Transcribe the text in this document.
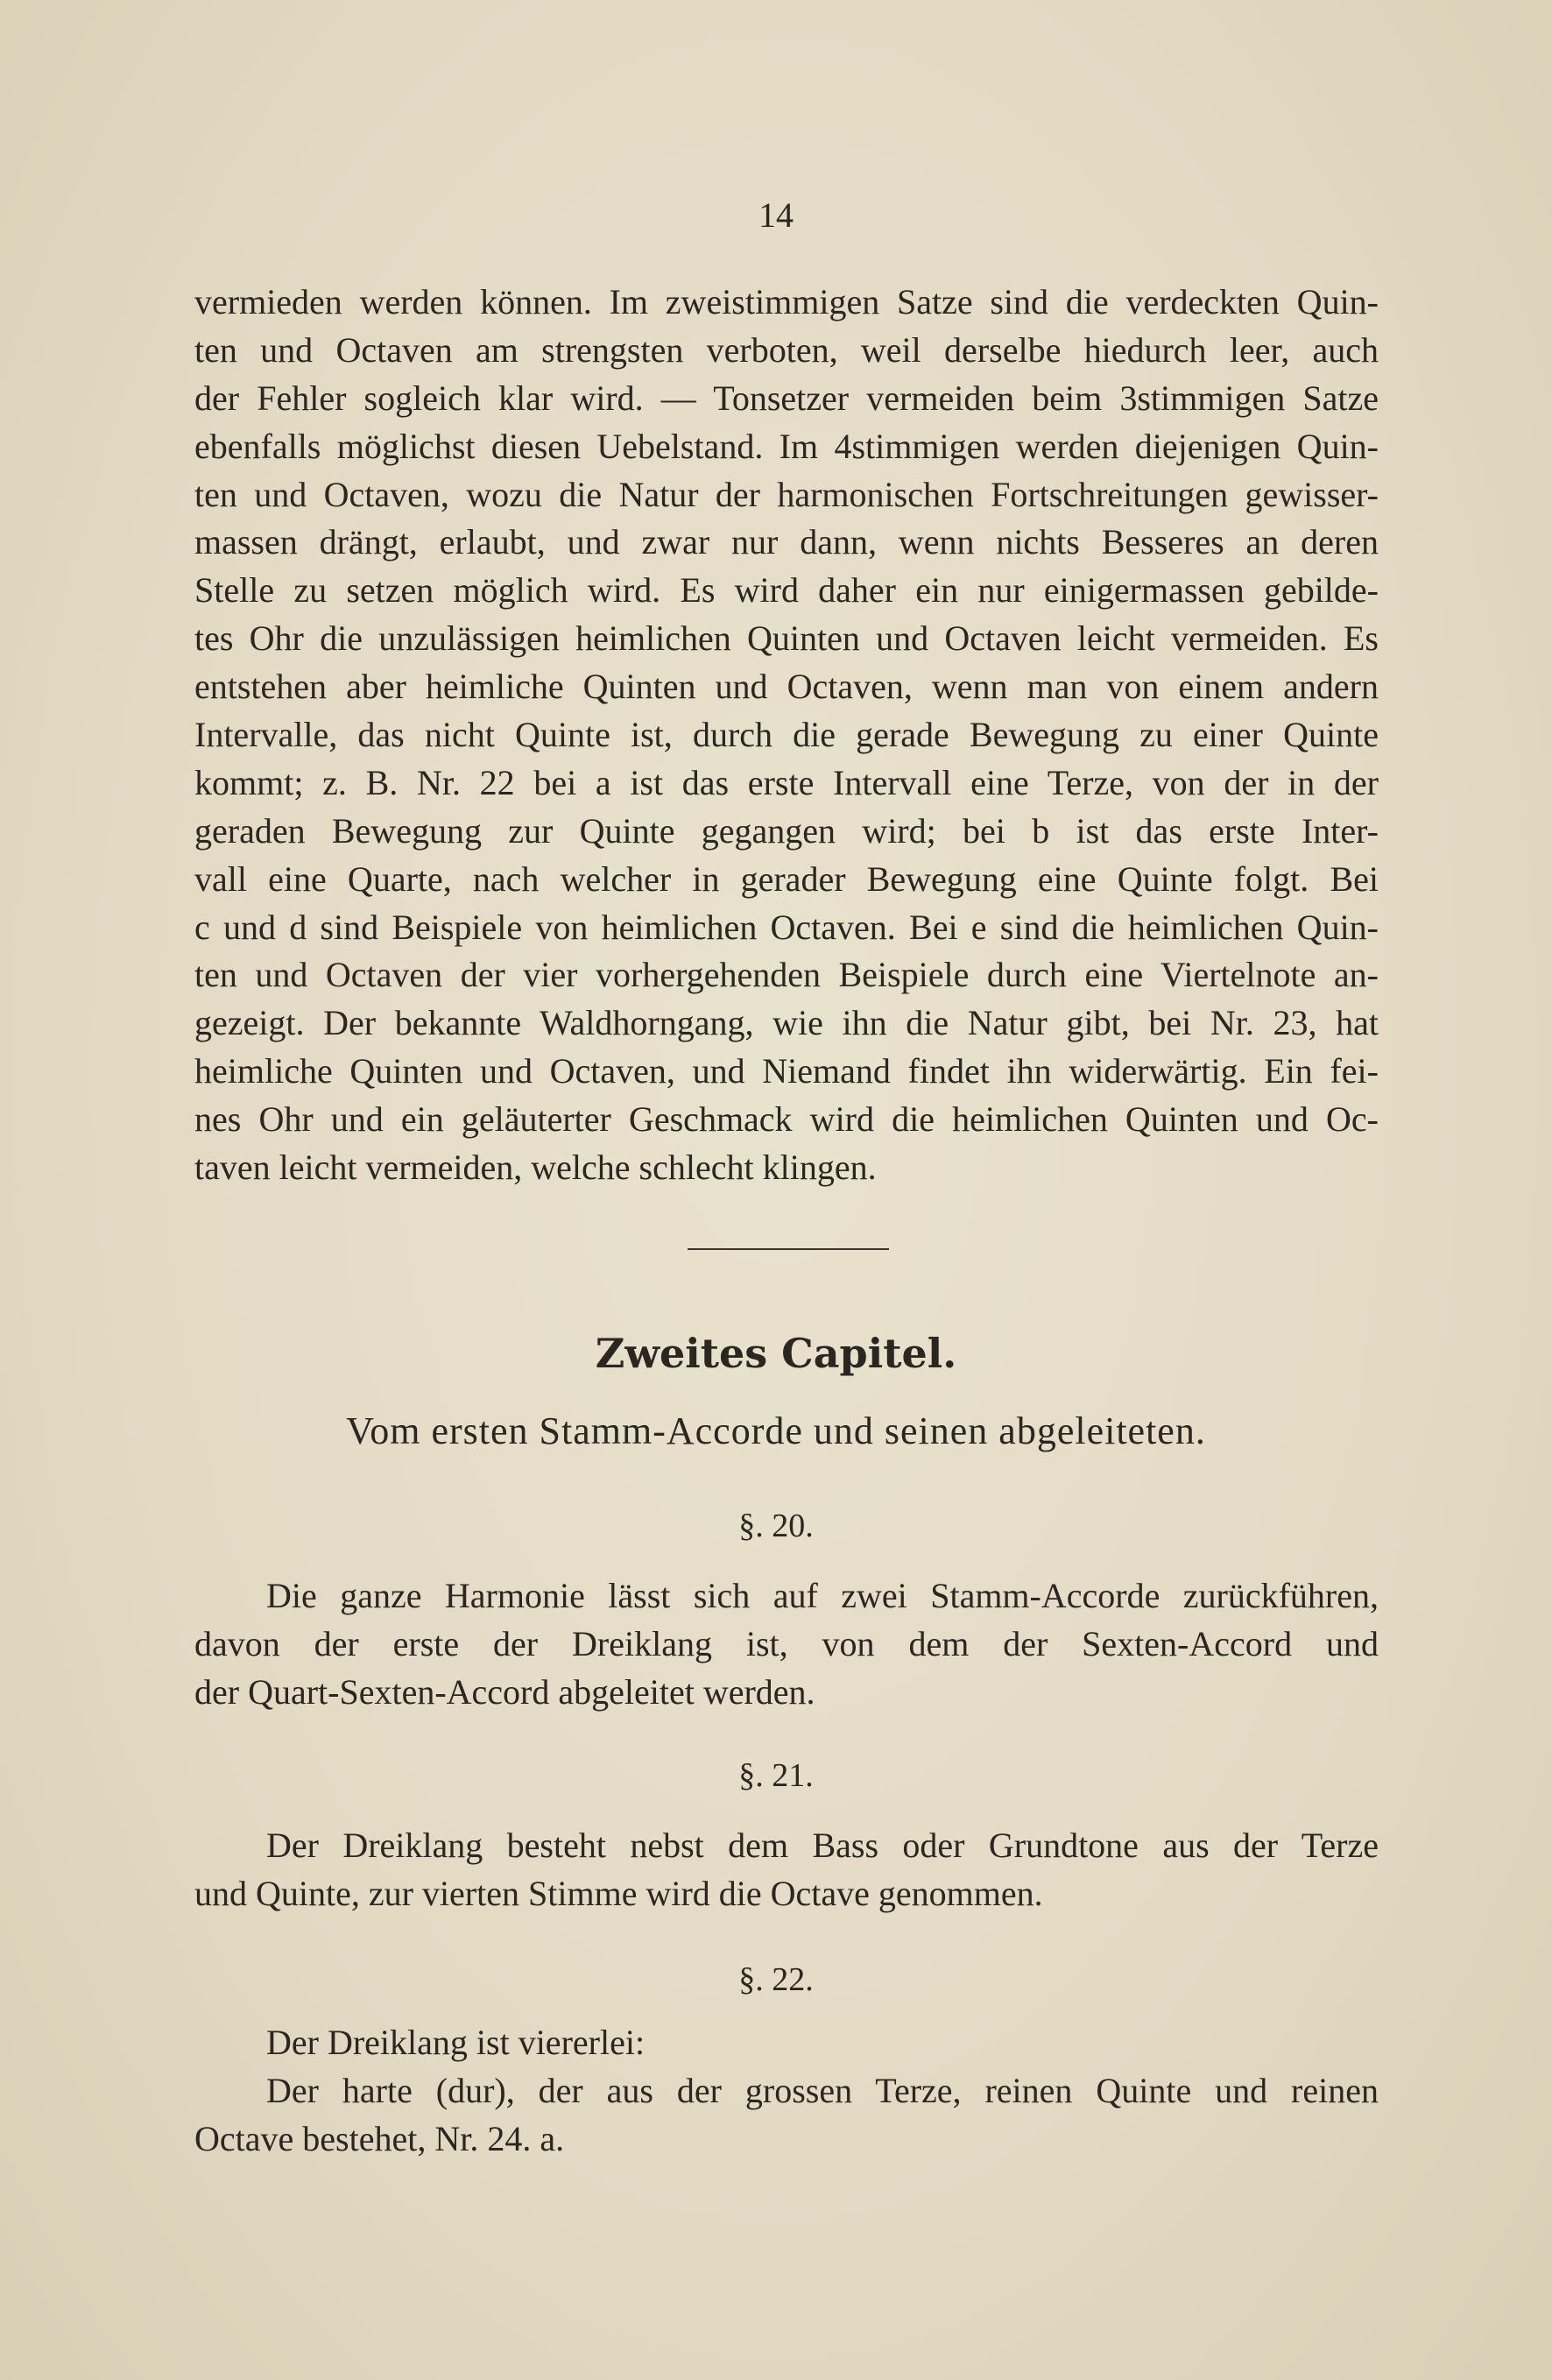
14
vermieden werden können. Im zweistimmigen Satze sind die verdeckten Quin-
ten und Octaven am strengsten verboten, weil derselbe hiedurch leer, auch
der Fehler sogleich klar wird. — Tonsetzer vermeiden beim 3stimmigen Satze
ebenfalls möglichst diesen Uebelstand. Im 4stimmigen werden diejenigen Quin-
ten und Octaven, wozu die Natur der harmonischen Fortschreitungen gewisser-
massen drängt, erlaubt, und zwar nur dann, wenn nichts Besseres an deren
Stelle zu setzen möglich wird. Es wird daher ein nur einigermassen gebilde-
tes Ohr die unzulässigen heimlichen Quinten und Octaven leicht vermeiden. Es
entstehen aber heimliche Quinten und Octaven, wenn man von einem andern
Intervalle, das nicht Quinte ist, durch die gerade Bewegung zu einer Quinte
kommt; z. B. Nr. 22 bei a ist das erste Intervall eine Terze, von der in der
geraden Bewegung zur Quinte gegangen wird; bei b ist das erste Inter-
vall eine Quarte, nach welcher in gerader Bewegung eine Quinte folgt. Bei
c und d sind Beispiele von heimlichen Octaven. Bei e sind die heimlichen Quin-
ten und Octaven der vier vorhergehenden Beispiele durch eine Viertelnote an-
gezeigt. Der bekannte Waldhorngang, wie ihn die Natur gibt, bei Nr. 23, hat
heimliche Quinten und Octaven, und Niemand findet ihn widerwärtig. Ein fei-
nes Ohr und ein geläuterter Geschmack wird die heimlichen Quinten und Oc-
taven leicht vermeiden, welche schlecht klingen.
Zweites Capitel.
Vom ersten Stamm-Accorde und seinen abgeleiteten.
§. 20.
Die ganze Harmonie lässt sich auf zwei Stamm-Accorde zurückführen,
davon der erste der Dreiklang ist, von dem der Sexten-Accord und
der Quart-Sexten-Accord abgeleitet werden.
§. 21.
Der Dreiklang besteht nebst dem Bass oder Grundtone aus der Terze
und Quinte, zur vierten Stimme wird die Octave genommen.
§. 22.
Der Dreiklang ist viererlei:
Der harte (dur), der aus der grossen Terze, reinen Quinte und reinen
Octave bestehet, Nr. 24. a.
